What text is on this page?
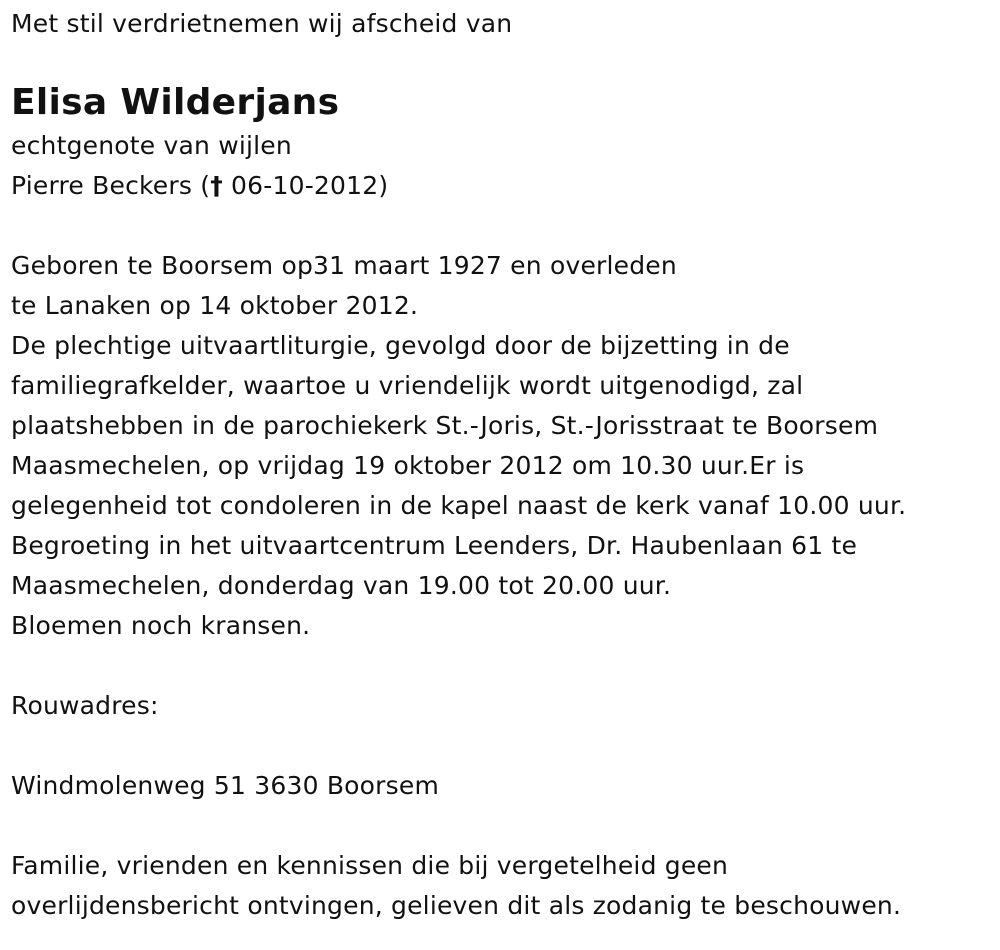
Met stil verdrietnemen wij afscheid van
Elisa Wilderjans
echtgenote van wijlen
Pierre Beckers († 06-10-2012)
Geboren te Boorsem op31 maart 1927 en overleden
te Lanaken op 14 oktober 2012.
De plechtige uitvaartliturgie, gevolgd door de bijzetting in de
familiegrafkelder, waartoe u vriendelijk wordt uitgenodigd, zal
plaatshebben in de parochiekerk St.-Joris, St.-Jorisstraat te Boorsem
Maasmechelen, op vrijdag 19 oktober 2012 om 10.30 uur.Er is
gelegenheid tot condoleren in de kapel naast de kerk vanaf 10.00 uur.
Begroeting in het uitvaartcentrum Leenders, Dr. Haubenlaan 61 te
Maasmechelen, donderdag van 19.00 tot 20.00 uur.
Bloemen noch kransen.
Rouwadres:
Windmolenweg 51 3630 Boorsem
Familie, vrienden en kennissen die bij vergetelheid geen
overlijdensbericht ontvingen, gelieven dit als zodanig te beschouwen.
